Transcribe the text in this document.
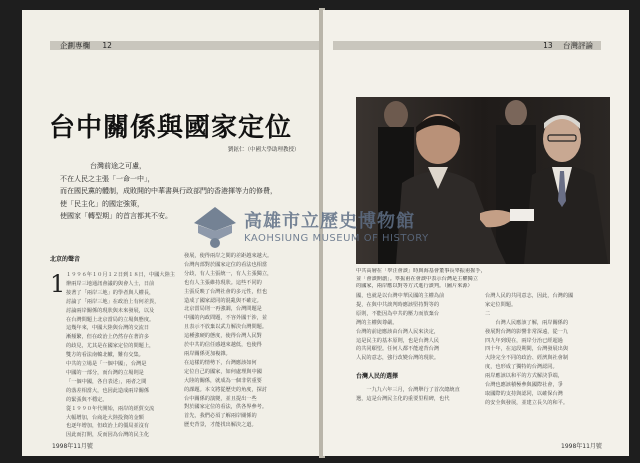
企劃專欄 12
台中關係與國家定位
劉鉉仁（中國大學助理教授）
台灣前途之可慮，
不在人民之主張「一命一中」，
而在國民黨的體制，成敗開的中華書與行政部門的香港揮等力的修費，
使「民主化」的國定強策，
使國家「轉型期」的首言都其不安。
北京的聲音
1 １９９６年１０月１２日到１８日，中國大陸主
辦兩岸三地通訊會議的與會人士，日前
接著了「兩岸三地」的學者與人權長，
討論了「兩岸三地」在政治上有何差異，
討論兩岸關係的現狀與未來發展，以及
在台灣問題上北京當局的立場與態度。
這幾年來，中國大陸與台灣的交流日
漸頻繁，但在政治上仍然存在著許多
的歧見，尤其是在國家定位的問題上，
雙方的看法南轅北轍，難有交集。
中共的立場是「一個中國」，台灣是
中國的一部分，而台灣的立場則是
「一個中國，各自表述」，兩者之間
的落差相當大，也因此造成兩岸關係
的緊張與不穩定。
從１９９０年代開始，兩岸的經貿交流
大幅增加，台商赴大陸投資的金額
也逐年增加，但政治上的僵局並沒有
因此而打開，反而因為台灣的民主化
發展，使得兩岸之間的差距越來越大。
台灣內部對於國家定位的看法也相當
分歧，有人主張統一，有人主張獨立，
也有人主張維持現狀。這些不同的
主張反映了台灣社會的多元性，但也
造成了國家認同的混亂與不確定。
北京當局則一再強調，台灣問題是
中國的內政問題，不容外國干涉，並
且表示不放棄以武力解決台灣問題。
這種強硬的態度，使得台灣人民對
於中共的信任感越來越低，也使得
兩岸關係更加複雜。
在這樣的情勢下，台灣應該如何
定位自己的國家，如何處理與中國
大陸的關係，就成為一個非常重要
的課題。本文將從歷史的角度，探討
台中關係的演變，並且提出一些
對於國家定位的看法，供各界參考。
首先，我們必須了解兩岸關係的
歷史背景，才能找出解決之道。
1998年11月號
13 台灣評論
中共高層在「辜汪會談」時與海基會董事長辜振甫握手，
並「會談開創」。辜振甫在會談中表示台灣是主權獨立
的國家，兩岸應以對等方式進行談判。（圖片來源）
國，也就是以台灣中華民國的主權為前
提，在與中共談判時應該堅持對等的
原則，不能因為中共的壓力而放棄台
灣的主權與尊嚴。
台灣的前途應該由台灣人民來決定，
這是民主的基本原則，也是台灣人民
的共同願望。任何人都不能違背台灣
人民的意志，強行改變台灣的現狀。
台灣人民的選擇
　　一九九六年三月，台灣舉行了首次總統直
選，這是台灣民主化的重要里程碑，也代
台灣人民的共同意志，因此，台灣的國
家定位問題。
二
　　台灣人民應該了解，兩岸關係的
發展對台灣的影響非常深遠，從一九
四九年到現在，兩岸分治已經超過
四十年，在這段期間，台灣發展出與
大陸完全不同的政治、經濟與社會制
度，也形成了獨特的台灣認同。
兩岸應該以和平的方式解決爭端，
台灣也應該積極參與國際社會，爭
取國際的支持與認同，以確保台灣
的安全與發展，並建立長久的和平。
1998年11月號
高雄市立歷史博物館
KAOHSIUNG MUSEUM OF HISTORY
